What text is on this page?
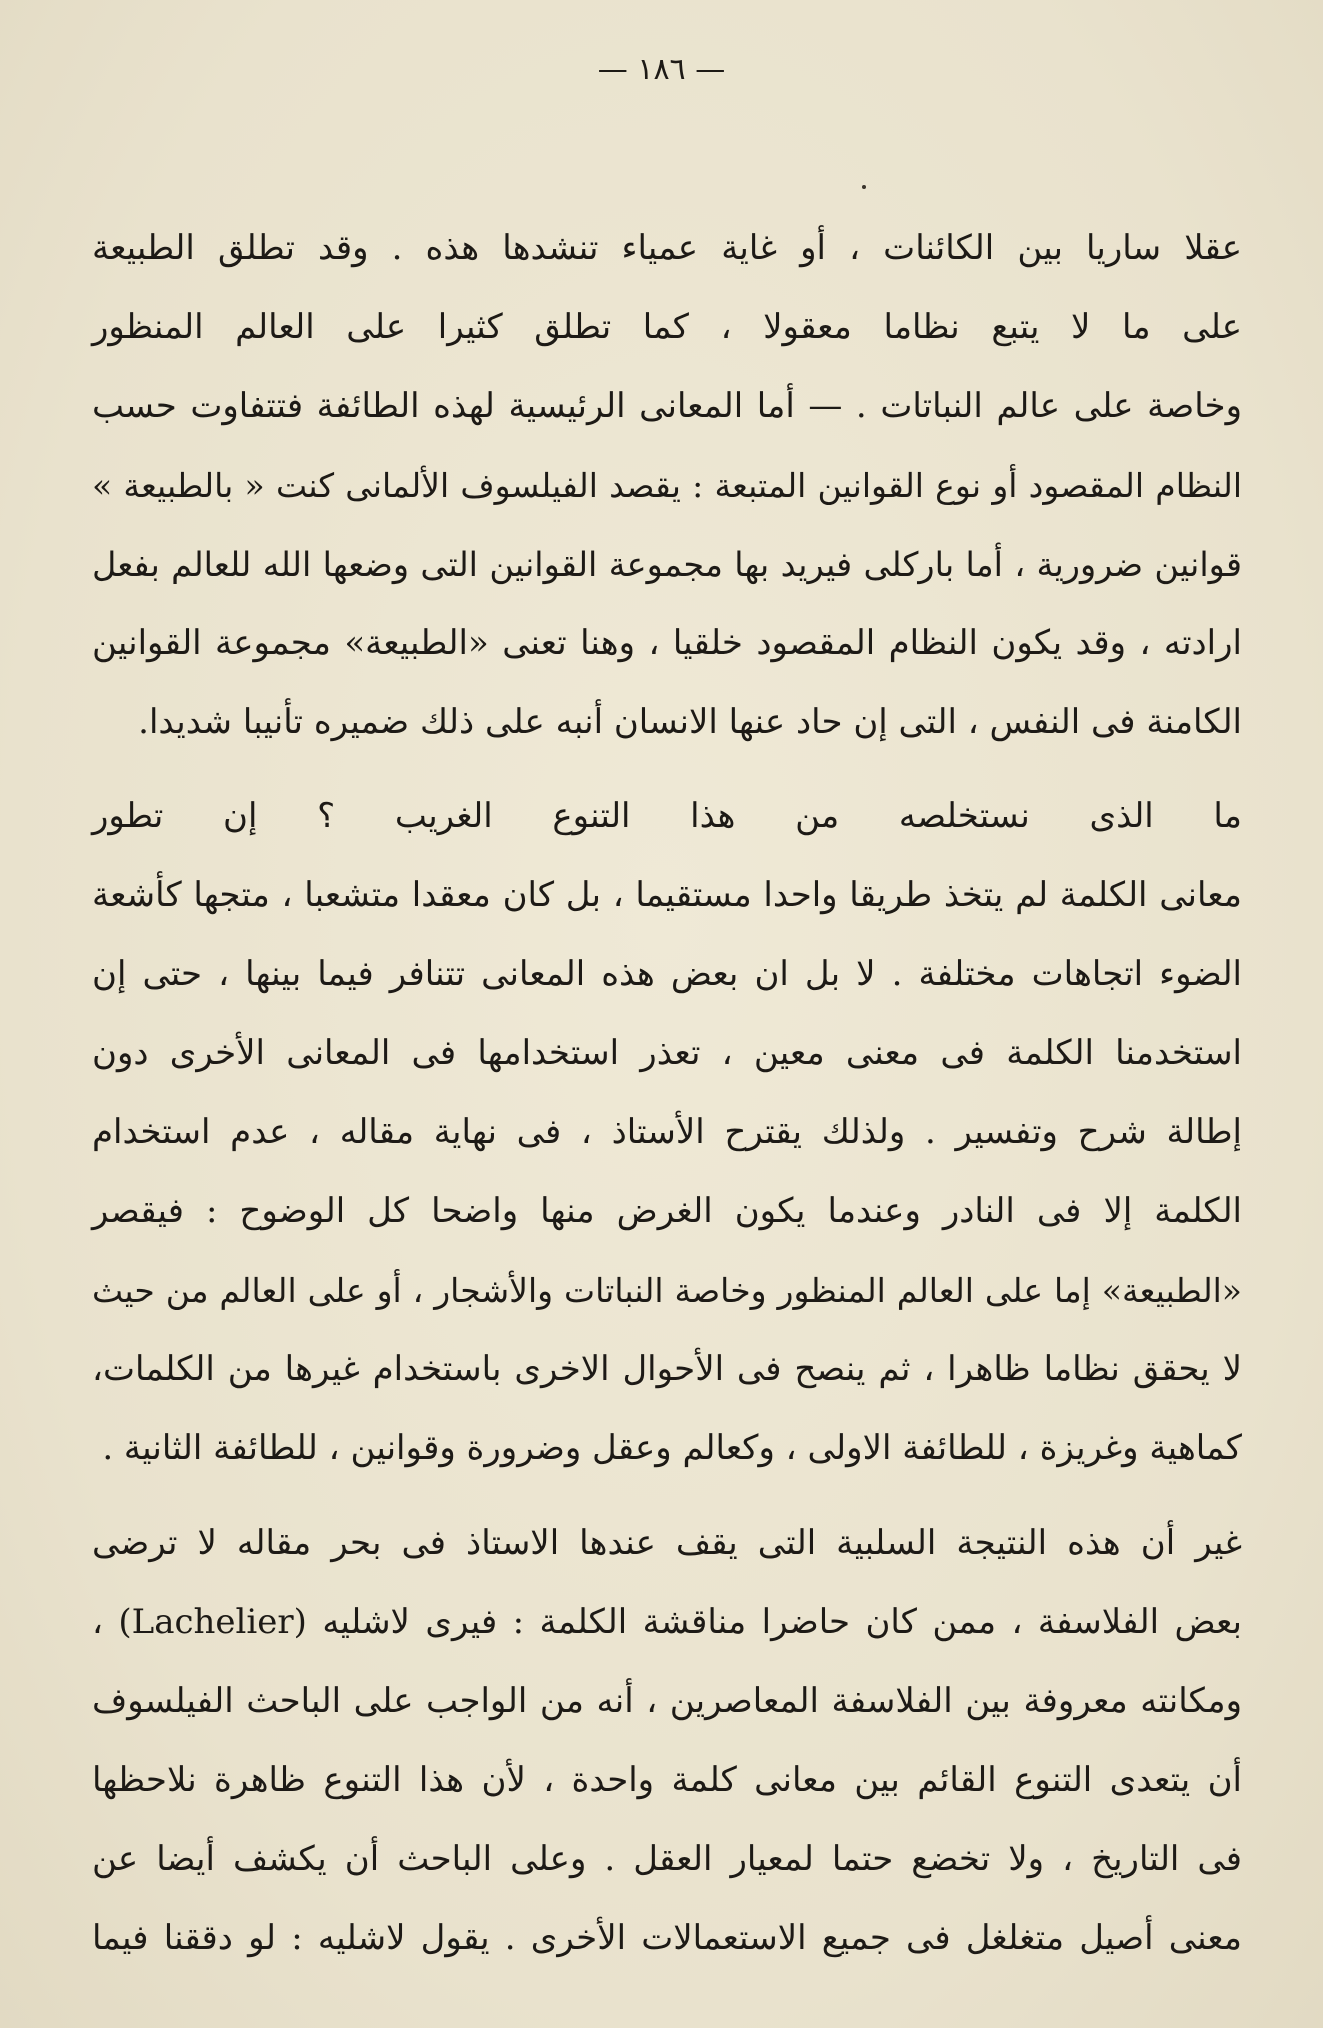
— ١٨٦ —
عقلا ساريا بين الكائنات ، أو غاية عمياء تنشدها هذه . وقد تطلق الطبيعة
على ما لا يتبع نظاما معقولا ، كما تطلق كثيرا على العالم المنظور
وخاصة على عالم النباتات . — أما المعانى الرئيسية لهذه الطائفة فتتفاوت حسب
النظام المقصود أو نوع القوانين المتبعة : يقصد الفيلسوف الألمانى كنت « بالطبيعة »
قوانين ضرورية ، أما باركلى فيريد بها مجموعة القوانين التى وضعها الله للعالم بفعل
ارادته ، وقد يكون النظام المقصود خلقيا ، وهنا تعنى «الطبيعة» مجموعة القوانين
الكامنة فى النفس ، التى إن حاد عنها الانسان أنبه على ذلك ضميره تأنيبا شديدا.
ما الذى نستخلصه من هذا التنوع الغريب ؟ إن تطور
معانى الكلمة لم يتخذ طريقا واحدا مستقيما ، بل كان معقدا متشعبا ، متجها كأشعة
الضوء اتجاهات مختلفة . لا بل ان بعض هذه المعانى تتنافر فيما بينها ، حتى إن
استخدمنا الكلمة فى معنى معين ، تعذر استخدامها فى المعانى الأخرى دون
إطالة شرح وتفسير . ولذلك يقترح الأستاذ ، فى نهاية مقاله ، عدم استخدام
الكلمة إلا فى النادر وعندما يكون الغرض منها واضحا كل الوضوح : فيقصر
«الطبيعة» إما على العالم المنظور وخاصة النباتات والأشجار ، أو على العالم من حيث
لا يحقق نظاما ظاهرا ، ثم ينصح فى الأحوال الاخرى باستخدام غيرها من الكلمات،
كماهية وغريزة ، للطائفة الاولى ، وكعالم وعقل وضرورة وقوانين ، للطائفة الثانية .
غير أن هذه النتيجة السلبية التى يقف عندها الاستاذ فى بحر مقاله لا ترضى
بعض الفلاسفة ، ممن كان حاضرا مناقشة الكلمة : فيرى لاشليه (Lachelier) ،
ومكانته معروفة بين الفلاسفة المعاصرين ، أنه من الواجب على الباحث الفيلسوف
أن يتعدى التنوع القائم بين معانى كلمة واحدة ، لأن هذا التنوع ظاهرة نلاحظها
فى التاريخ ، ولا تخضع حتما لمعيار العقل . وعلى الباحث أن يكشف أيضا عن
معنى أصيل متغلغل فى جميع الاستعمالات الأخرى . يقول لاشليه : لو دققنا فيما
